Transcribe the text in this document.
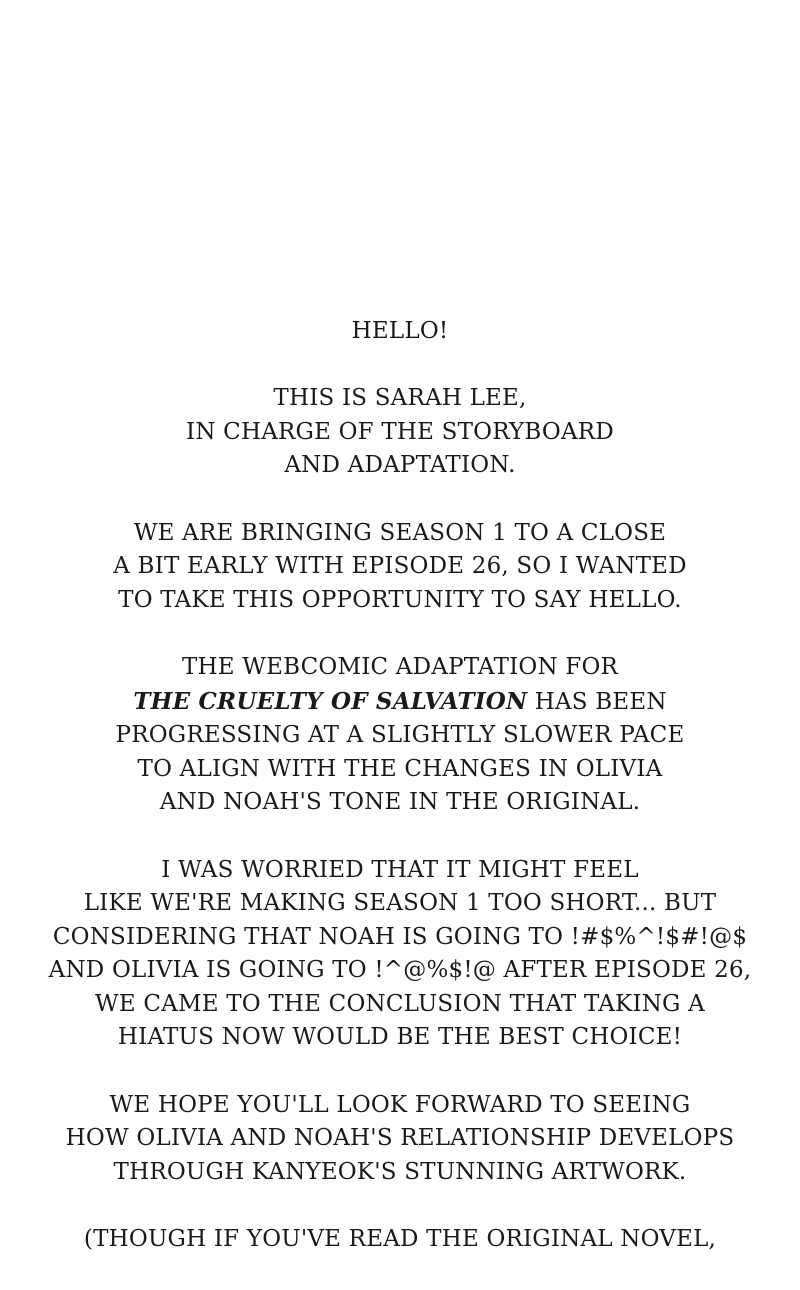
HELLO!

THIS IS SARAH LEE,
IN CHARGE OF THE STORYBOARD
AND ADAPTATION.

WE ARE BRINGING SEASON 1 TO A CLOSE
A BIT EARLY WITH EPISODE 26, SO I WANTED
TO TAKE THIS OPPORTUNITY TO SAY HELLO.

THE WEBCOMIC ADAPTATION FOR
THE CRUELTY OF SALVATION HAS BEEN
PROGRESSING AT A SLIGHTLY SLOWER PACE
TO ALIGN WITH THE CHANGES IN OLIVIA
AND NOAH'S TONE IN THE ORIGINAL.

I WAS WORRIED THAT IT MIGHT FEEL
LIKE WE'RE MAKING SEASON 1 TOO SHORT... BUT
CONSIDERING THAT NOAH IS GOING TO !#$%^!$#!@$
AND OLIVIA IS GOING TO !^@%$!@ AFTER EPISODE 26,
WE CAME TO THE CONCLUSION THAT TAKING A
HIATUS NOW WOULD BE THE BEST CHOICE!

WE HOPE YOU'LL LOOK FORWARD TO SEEING
HOW OLIVIA AND NOAH'S RELATIONSHIP DEVELOPS
THROUGH KANYEOK'S STUNNING ARTWORK.

(THOUGH IF YOU'VE READ THE ORIGINAL NOVEL,
